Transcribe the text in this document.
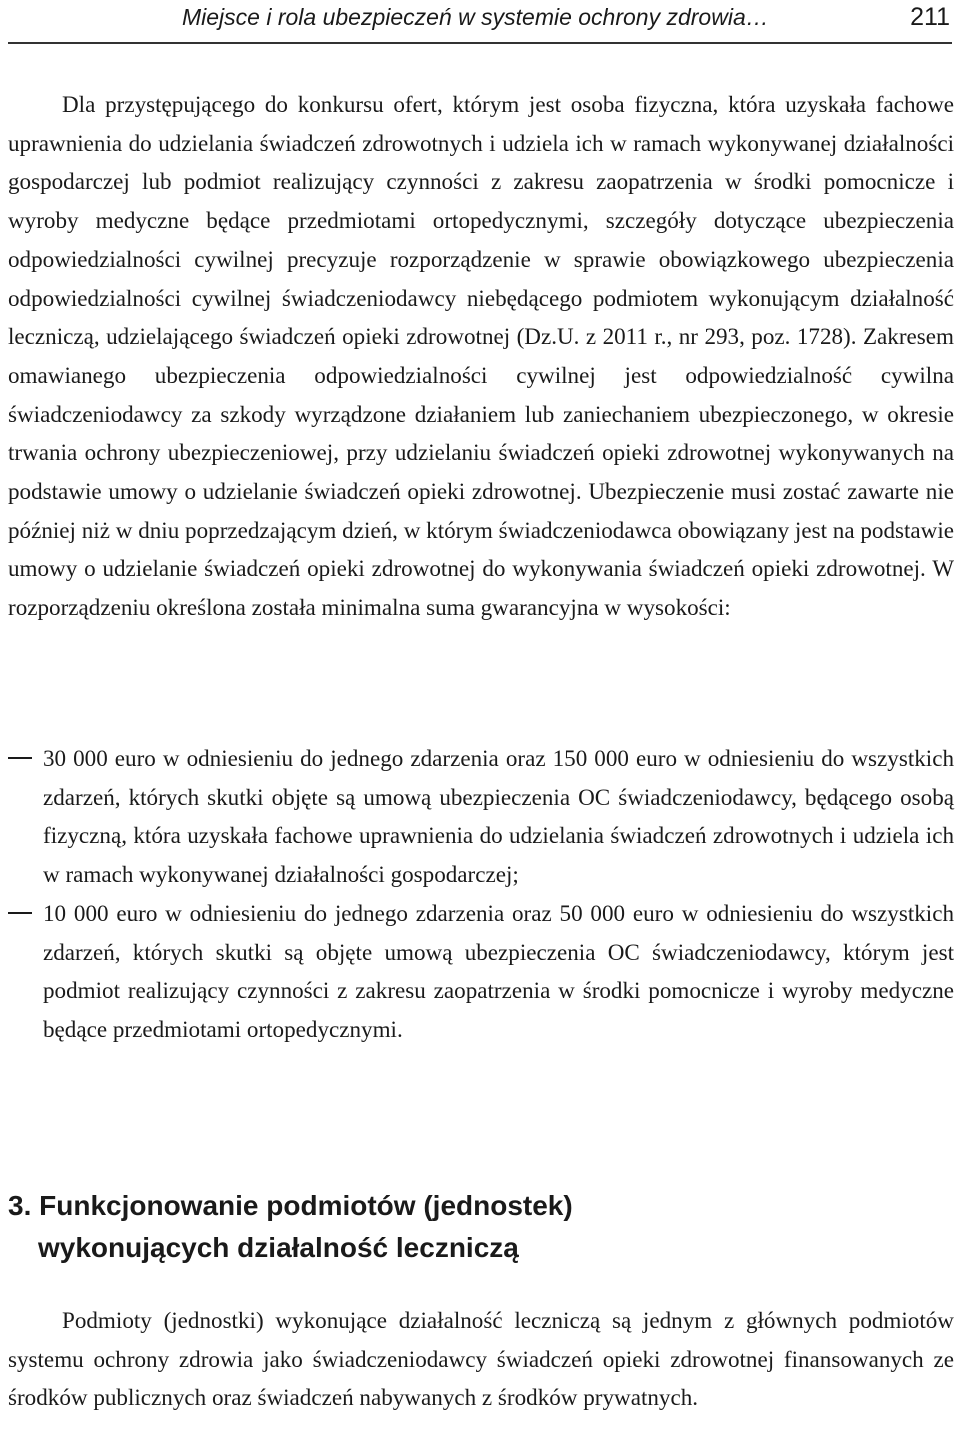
Miejsce i rola ubezpieczeń w systemie ochrony zdrowia…	211

Dla przystępującego do konkursu ofert, którym jest osoba fizyczna, która uzyskała fachowe uprawnienia do udzielania świadczeń zdrowotnych i udziela ich w ramach wykonywanej działalności gospodarczej lub podmiot realizujący czynności z zakresu zaopatrzenia w środki pomocnicze i wyroby medyczne będące przedmiotami ortopedycznymi, szczegóły dotyczące ubezpieczenia odpowiedzialności cywilnej precyzuje rozporządzenie w sprawie obowiązkowego ubezpieczenia odpowiedzialności cywilnej świadczeniodawcy niebędącego podmiotem wykonującym działalność leczniczą, udzielającego świadczeń opieki zdrowotnej (Dz.U. z 2011 r., nr 293, poz. 1728). Zakresem omawianego ubezpieczenia odpowiedzialności cywilnej jest odpowiedzialność cywilna świadczeniodawcy za szkody wyrządzone działaniem lub zaniechaniem ubezpieczonego, w okresie trwania ochrony ubezpieczeniowej, przy udzielaniu świadczeń opieki zdrowotnej wykonywanych na podstawie umowy o udzielanie świadczeń opieki zdrowotnej. Ubezpieczenie musi zostać zawarte nie później niż w dniu poprzedzającym dzień, w którym świadczeniodawca obowiązany jest na podstawie umowy o udzielanie świadczeń opieki zdrowotnej do wykonywania świadczeń opieki zdrowotnej. W rozporządzeniu określona została minimalna suma gwarancyjna w wysokości:

30 000 euro w odniesieniu do jednego zdarzenia oraz 150 000 euro w odniesieniu do wszystkich zdarzeń, których skutki objęte są umową ubezpieczenia OC świadczeniodawcy, będącego osobą fizyczną, która uzyskała fachowe uprawnienia do udzielania świadczeń zdrowotnych i udziela ich w ramach wykonywanej działalności gospodarczej;
10 000 euro w odniesieniu do jednego zdarzenia oraz 50 000 euro w odniesieniu do wszystkich zdarzeń, których skutki są objęte umową ubezpieczenia OC świadczeniodawcy, którym jest podmiot realizujący czynności z zakresu zaopatrzenia w środki pomocnicze i wyroby medyczne będące przedmiotami ortopedycznymi.
3. Funkcjonowanie podmiotów (jednostek)
wykonujących działalność leczniczą

Podmioty (jednostki) wykonujące działalność leczniczą są jednym z głównych podmiotów systemu ochrony zdrowia jako świadczeniodawcy świadczeń opieki zdrowotnej finansowanych ze środków publicznych oraz świadczeń nabywanych z środków prywatnych.
